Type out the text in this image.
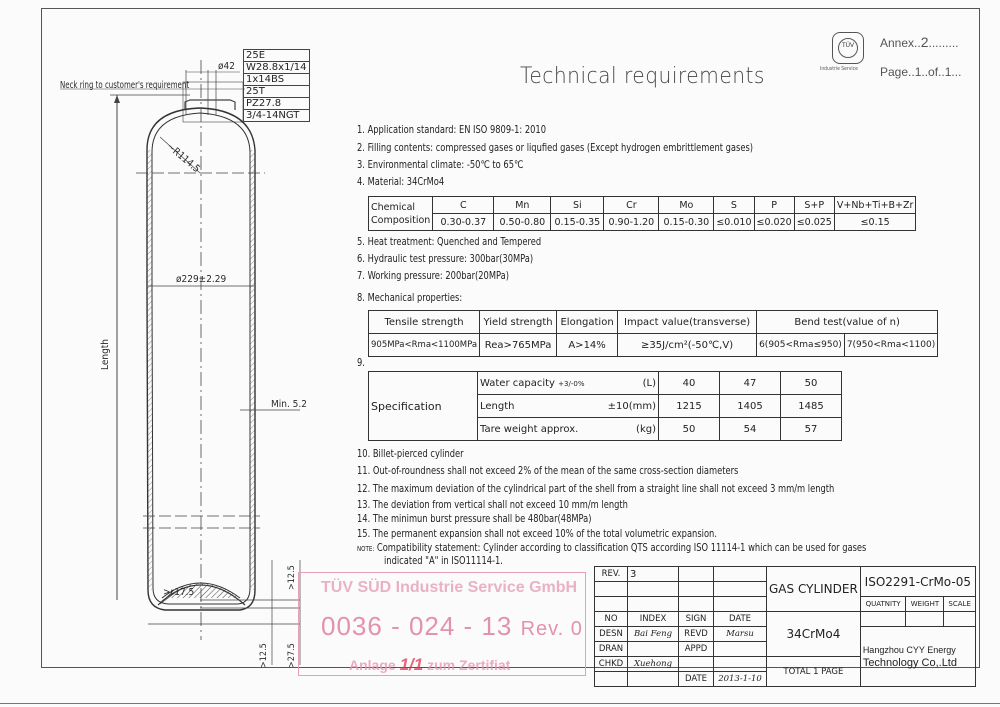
Neck ring to customer's requirement
ø42
25E
W28.8x1/14
1x14BS
25T
PZ27.8
3/4-14NGT
~R114.5
ø229±2.29
Length
Min. 5.2
>r17.5
>12.5
>12.5 >27.5
Technical requirements
TÜV
Industrie Service
Annex..2.........
Page..1..of..1...
1. Application standard: EN ISO 9809-1: 2010
2. Filling contents: compressed gases or liqufied gases (Except hydrogen embrittlement gases)
3. Environmental climate: -50℃ to 65℃
4. Material: 34CrMo4
Chemical
Composition	C	Mn	Si	Cr	Mo	S	P	S+P	V+Nb+Ti+B+Zr
	0.30-0.37	0.50-0.80	0.15-0.35	0.90-1.20	0.15-0.30	≤0.010	≤0.020	≤0.025	≤0.15
5. Heat treatment: Quenched and Tempered
6. Hydraulic test pressure: 300bar(30MPa)
7. Working pressure: 200bar(20MPa)
8. Mechanical properties:
Tensile strength	Yield strength	Elongation	Impact value(transverse)	Bend test(value of n)	
905MPa<Rma<1100MPa	Rea>765MPa	A>14%	≥35J/cm²(-50℃,V)	6(905<Rma≤950)	7(950<Rma<1100)
9.
Specification	Water capacity +3/-0% (L)	40	47	50
	Length ±10(mm)	1215	1405	1485
	Tare weight approx. (kg)	50	54	57
10. Billet-pierced cylinder
11. Out-of-roundness shall not exceed 2% of the mean of the same cross-section diameters
12. The maximum deviation of the cylindrical part of the shell from a straight line shall not exceed 3 mm/m length
13. The deviation from vertical shall not exceed 10 mm/m length
14. The minimun burst pressure shall be 480bar(48MPa)
15. The permanent expansion shall not exceed 10% of the total volumetric expansion.
NOTE: Compatibility statement: Cylinder according to classification QTS according ISO 11114-1 which can be used for gases
indicated "A" in ISO11114-1.
TÜV SÜD Industrie Service GmbH
0036 - 024 - 13 Rev. 0
Anlage 1/1 zum Zertifiat
REV.	3			GAS CYLINDER	ISO2291-CrMo-05		

					QUATNITY	WEIGHT	SCALE
NO	INDEX	SIGN	DATE	34CrMo4			
DESN	Bai Feng	REVD	Marsu		Hangzhou CYY Energy
Technology Co,.Ltd		
DRAN		APPD					
CHKD	Xuehong			TOTAL 1 PAGE			
		DATE	2013-1-10				
